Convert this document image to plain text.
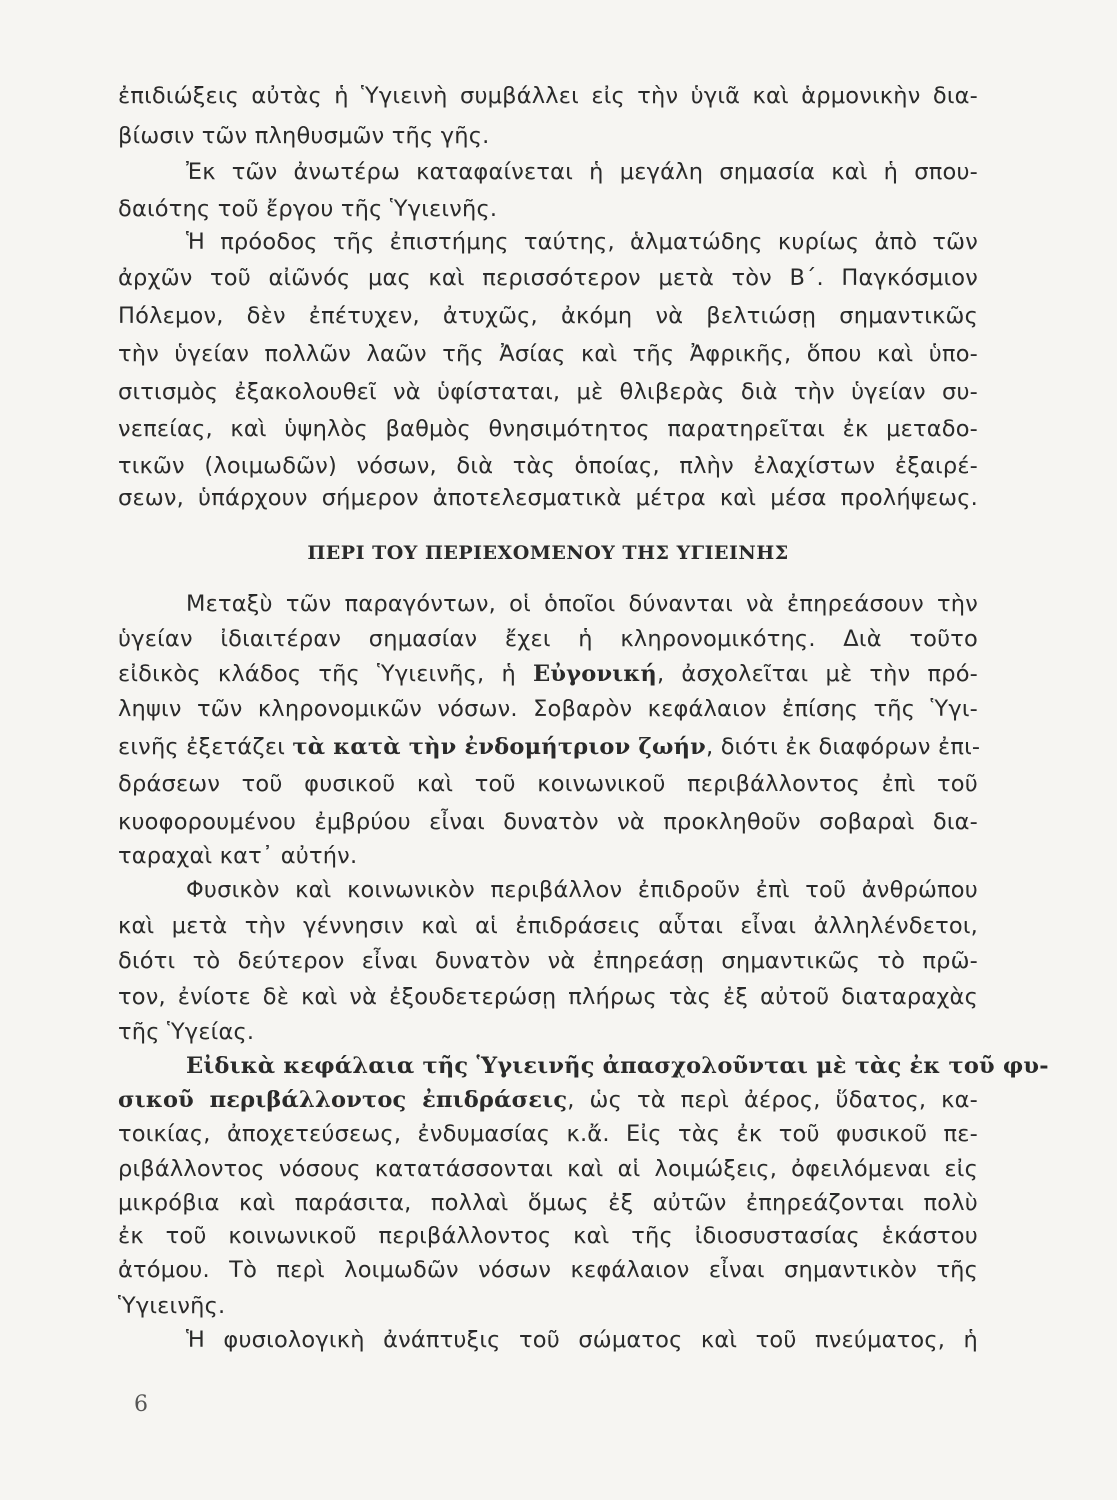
ἐπιδιώξεις αὐτὰς ἡ Ὑγιεινὴ συμβάλλει εἰς τὴν ὑγιᾶ καὶ ἁρμονικὴν δια-
βίωσιν τῶν πληθυσμῶν τῆς γῆς.
Ἐκ τῶν ἀνωτέρω καταφαίνεται ἡ μεγάλη σημασία καὶ ἡ σπου-
δαιότης τοῦ ἔργου τῆς Ὑγιεινῆς.
Ἡ πρόοδος τῆς ἐπιστήμης ταύτης, ἁλματώδης κυρίως ἀπὸ τῶν
ἀρχῶν τοῦ αἰῶνός μας καὶ περισσότερον μετὰ τὸν Β΄. Παγκόσμιον
Πόλεμον, δὲν ἐπέτυχεν, ἀτυχῶς, ἀκόμη νὰ βελτιώσῃ σημαντικῶς
τὴν ὑγείαν πολλῶν λαῶν τῆς Ἀσίας καὶ τῆς Ἀφρικῆς, ὅπου καὶ ὑπο-
σιτισμὸς ἐξακολουθεῖ νὰ ὑφίσταται, μὲ θλιβερὰς διὰ τὴν ὑγείαν συ-
νεπείας, καὶ ὑψηλὸς βαθμὸς θνησιμότητος παρατηρεῖται ἐκ μεταδο-
τικῶν (λοιμωδῶν) νόσων, διὰ τὰς ὁποίας, πλὴν ἐλαχίστων ἐξαιρέ-
σεων, ὑπάρχουν σήμερον ἀποτελεσματικὰ μέτρα καὶ μέσα προλήψεως.
ΠΕΡΙ ΤΟΥ ΠΕΡΙΕΧΟΜΕΝΟΥ ΤΗΣ ΥΓΙΕΙΝΗΣ
Μεταξὺ τῶν παραγόντων, οἱ ὁποῖοι δύνανται νὰ ἐπηρεάσουν τὴν
ὑγείαν ἰδιαιτέραν σημασίαν ἔχει ἡ κληρονομικότης. Διὰ τοῦτο
εἰδικὸς κλάδος τῆς Ὑγιεινῆς, ἡ Εὐγονική, ἀσχολεῖται μὲ τὴν πρό-
ληψιν τῶν κληρονομικῶν νόσων. Σοβαρὸν κεφάλαιον ἐπίσης τῆς Ὑγι-
εινῆς ἐξετάζει τὰ κατὰ τὴν ἐνδομήτριον ζωήν, διότι ἐκ διαφόρων ἐπι-
δράσεων τοῦ φυσικοῦ καὶ τοῦ κοινωνικοῦ περιβάλλοντος ἐπὶ τοῦ
κυοφορουμένου ἐμβρύου εἶναι δυνατὸν νὰ προκληθοῦν σοβαραὶ δια-
ταραχαὶ κατ᾽ αὐτήν.
Φυσικὸν καὶ κοινωνικὸν περιβάλλον ἐπιδροῦν ἐπὶ τοῦ ἀνθρώπου
καὶ μετὰ τὴν γέννησιν καὶ αἱ ἐπιδράσεις αὗται εἶναι ἀλληλένδετοι,
διότι τὸ δεύτερον εἶναι δυνατὸν νὰ ἐπηρεάσῃ σημαντικῶς τὸ πρῶ-
τον, ἐνίοτε δὲ καὶ νὰ ἐξουδετερώσῃ πλήρως τὰς ἐξ αὐτοῦ διαταραχὰς
τῆς Ὑγείας.
Εἰδικὰ κεφάλαια τῆς Ὑγιεινῆς ἀπασχολοῦνται μὲ τὰς ἐκ τοῦ φυ-
σικοῦ περιβάλλοντος ἐπιδράσεις, ὡς τὰ περὶ ἀέρος, ὕδατος, κα-
τοικίας, ἀποχετεύσεως, ἐνδυμασίας κ.ἄ. Εἰς τὰς ἐκ τοῦ φυσικοῦ πε-
ριβάλλοντος νόσους κατατάσσονται καὶ αἱ λοιμώξεις, ὀφειλόμεναι εἰς
μικρόβια καὶ παράσιτα, πολλαὶ ὅμως ἐξ αὐτῶν ἐπηρεάζονται πολὺ
ἐκ τοῦ κοινωνικοῦ περιβάλλοντος καὶ τῆς ἰδιοσυστασίας ἑκάστου
ἀτόμου. Τὸ περὶ λοιμωδῶν νόσων κεφάλαιον εἶναι σημαντικὸν τῆς
Ὑγιεινῆς.
Ἡ φυσιολογικὴ ἀνάπτυξις τοῦ σώματος καὶ τοῦ πνεύματος, ἡ
6
